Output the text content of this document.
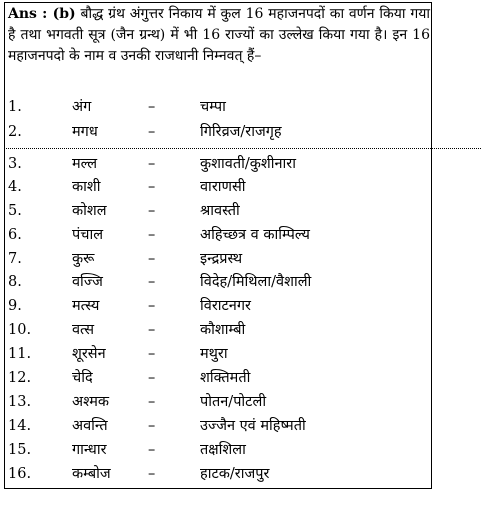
Ans : (b) बौद्ध ग्रंथ अंगुत्तर निकाय में कुल 16 महाजनपदों का वर्णन किया गया है तथा भगवती सूत्र (जैन ग्रन्थ) में भी 16 राज्यों का उल्लेख किया गया है। इन 16 महाजनपदो के नाम व उनकी राजधानी निम्नवत् हैं–

1.	अंग	–	चम्पा
2.	मगध	–	गिरिव्रज/राजगृह
3.	मल्ल	–	कुशावती/कुशीनारा
4.	काशी	–	वाराणसी
5.	कोशल	–	श्रावस्ती
6.	पंचाल	–	अहिच्छत्र व काम्पिल्य
7.	कुरू	–	इन्द्रप्रस्थ
8.	वज्जि	–	विदेह/मिथिला/वैशाली
9.	मत्स्य	–	विराटनगर
10.	वत्स	–	कौशाम्बी
11.	शूरसेन	–	मथुरा
12.	चेदि	–	शक्तिमती
13.	अश्मक	–	पोतन/पोटली
14.	अवन्ति	–	उज्जैन एवं महिष्मती
15.	गान्धार	–	तक्षशिला
16.	कम्बोज	–	हाटक/राजपुर
